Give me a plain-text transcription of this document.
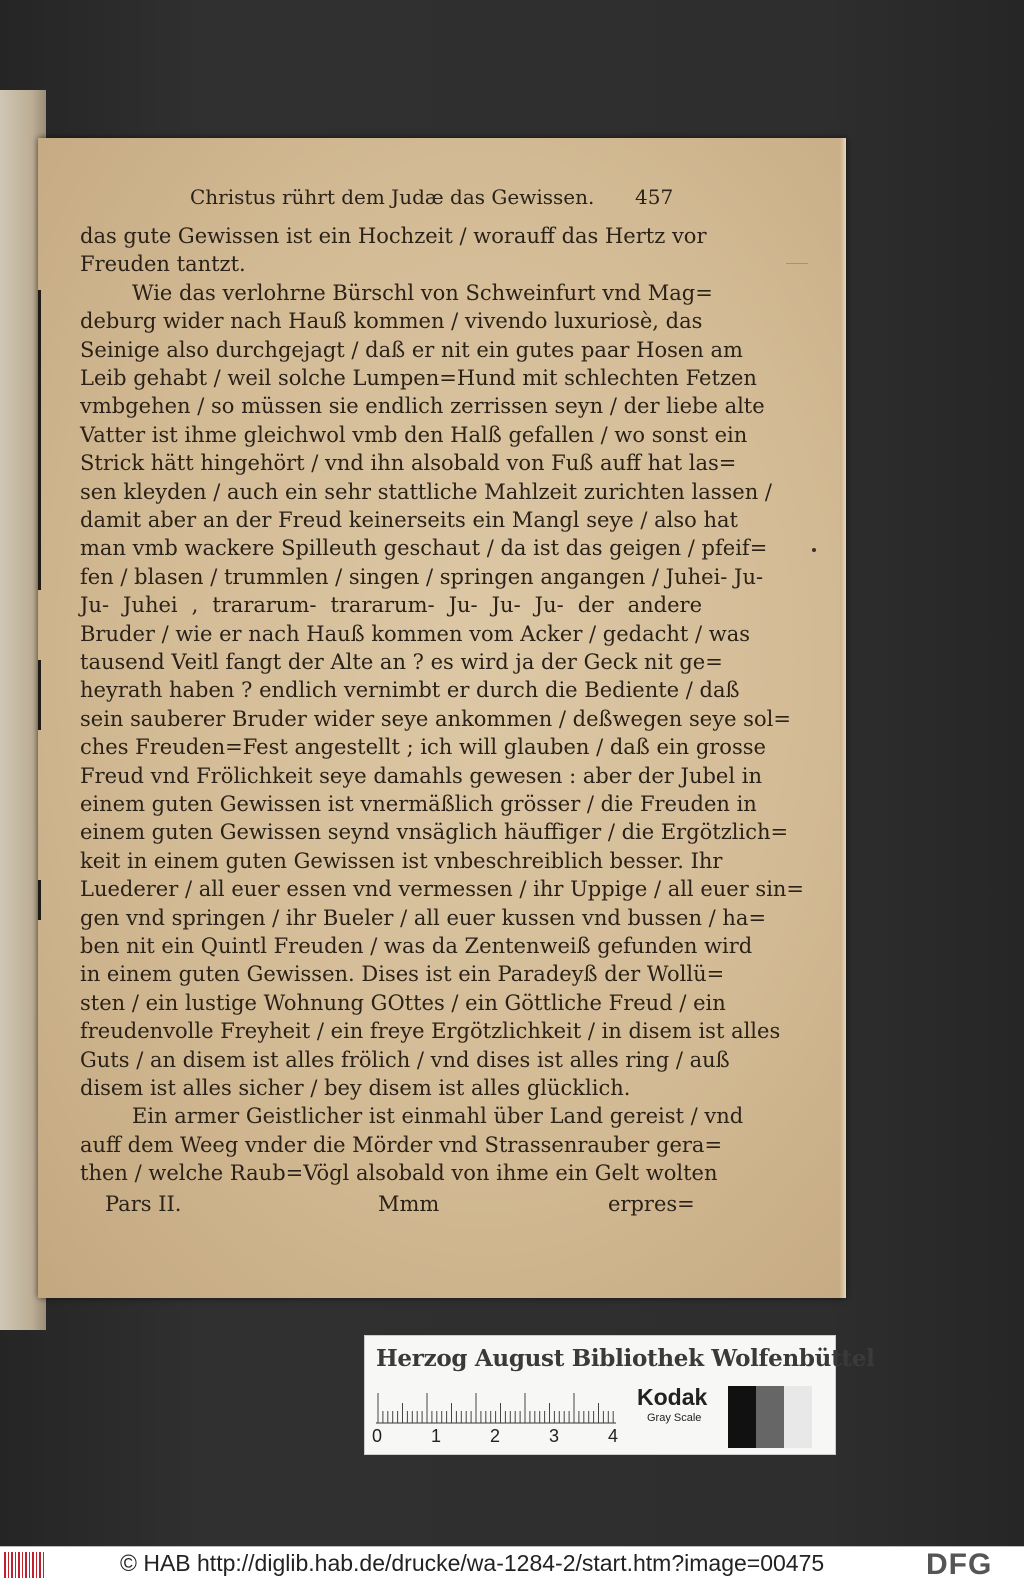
Christus rührt dem Judæ das Gewissen.	457
das gute Gewissen ist ein Hochzeit / worauff das Hertz vor
Freuden tantzt.
Wie das verlohrne Bürschl von Schweinfurt vnd Mag=
deburg wider nach Hauß kommen / vivendo luxuriosè, das
Seinige also durchgejagt / daß er nit ein gutes paar Hosen am
Leib gehabt / weil solche Lumpen=Hund mit schlechten Fetzen
vmbgehen / so müssen sie endlich zerrissen seyn / der liebe alte
Vatter ist ihme gleichwol vmb den Halß gefallen / wo sonst ein
Strick hätt hingehört / vnd ihn alsobald von Fuß auff hat las=
sen kleyden / auch ein sehr stattliche Mahlzeit zurichten lassen /
damit aber an der Freud keinerseits ein Mangl seye / also hat
man vmb wackere Spilleuth geschaut / da ist das geigen / pfeif=
fen / blasen / trummlen / singen / springen angangen / Juhei- Ju-
Ju- Juhei , trararum- trararum- Ju- Ju- Ju- der andere
Bruder / wie er nach Hauß kommen vom Acker / gedacht / was
tausend Veitl fangt der Alte an ? es wird ja der Geck nit ge=
heyrath haben ? endlich vernimbt er durch die Bediente / daß
sein sauberer Bruder wider seye ankommen / deßwegen seye sol=
ches Freuden=Fest angestellt ; ich will glauben / daß ein grosse
Freud vnd Frölichkeit seye damahls gewesen : aber der Jubel in
einem guten Gewissen ist vnermäßlich grösser / die Freuden in
einem guten Gewissen seynd vnsäglich häuffiger / die Ergötzlich=
keit in einem guten Gewissen ist vnbeschreiblich besser. Ihr
Luederer / all euer essen vnd vermessen / ihr Uppige / all euer sin=
gen vnd springen / ihr Bueler / all euer kussen vnd bussen / ha=
ben nit ein Quintl Freuden / was da Zentenweiß gefunden wird
in einem guten Gewissen. Dises ist ein Paradeyß der Wollü=
sten / ein lustige Wohnung GOttes / ein Göttliche Freud / ein
freudenvolle Freyheit / ein freye Ergötzlichkeit / in disem ist alles
Guts / an disem ist alles frölich / vnd dises ist alles ring / auß
disem ist alles sicher / bey disem ist alles glücklich.
Ein armer Geistlicher ist einmahl über Land gereist / vnd
auff dem Weeg vnder die Mörder vnd Strassenrauber gera=
then / welche Raub=Vögl alsobald von ihme ein Gelt wolten
Pars II.	Mmm	erpres=
Herzog August Bibliothek Wolfenbüttel
0	1	2	3	4
Kodak
Gray Scale
© HAB http://diglib.hab.de/drucke/wa-1284-2/start.htm?image=00475	DFG
